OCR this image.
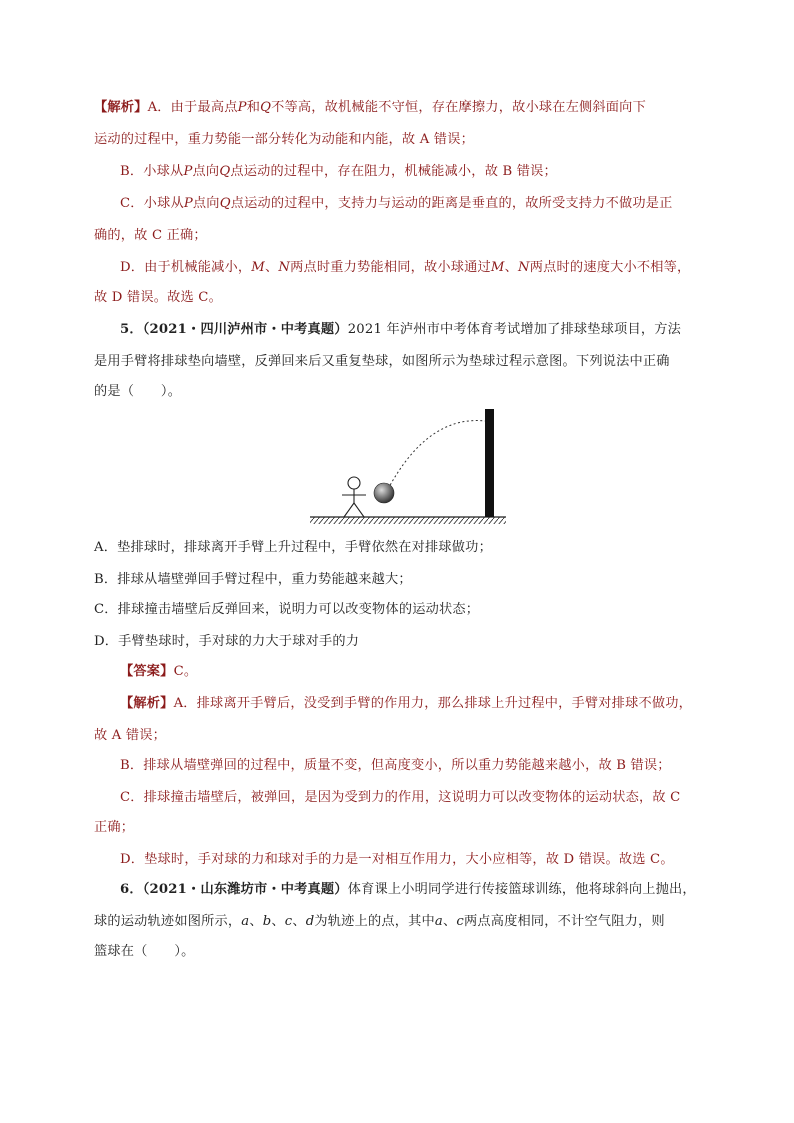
【解析】A．由于最高点P和Q不等高，故机械能不守恒，存在摩擦力，故小球在左侧斜面向下
运动的过程中，重力势能一部分转化为动能和内能，故 A 错误；
B．小球从P点向Q点运动的过程中，存在阻力，机械能减小，故 B 错误；
C．小球从P点向Q点运动的过程中，支持力与运动的距离是垂直的，故所受支持力不做功是正
确的，故 C 正确；
D．由于机械能减小，M、N两点时重力势能相同，故小球通过M、N两点时的速度大小不相等，
故 D 错误。故选 C。
5．（2021・四川泸州市・中考真题）2021 年泸州市中考体育考试增加了排球垫球项目，方法
是用手臂将排球垫向墙壁，反弹回来后又重复垫球，如图所示为垫球过程示意图。下列说法中正确
的是（　　）。
A．垫排球时，排球离开手臂上升过程中，手臂依然在对排球做功；
B．排球从墙壁弹回手臂过程中，重力势能越来越大；
C．排球撞击墙壁后反弹回来，说明力可以改变物体的运动状态；
D．手臂垫球时，手对球的力大于球对手的力
【答案】C。
【解析】A．排球离开手臂后，没受到手臂的作用力，那么排球上升过程中，手臂对排球不做功，
故 A 错误；
B．排球从墙壁弹回的过程中，质量不变，但高度变小，所以重力势能越来越小，故 B 错误；
C．排球撞击墙壁后，被弹回，是因为受到力的作用，这说明力可以改变物体的运动状态，故 C
正确；
D．垫球时，手对球的力和球对手的力是一对相互作用力，大小应相等，故 D 错误。故选 C。
6．（2021・山东潍坊市・中考真题）体育课上小明同学进行传接篮球训练，他将球斜向上抛出，
球的运动轨迹如图所示，a、b、c、d为轨迹上的点，其中a、c两点高度相同，不计空气阻力，则
篮球在（　　）。
